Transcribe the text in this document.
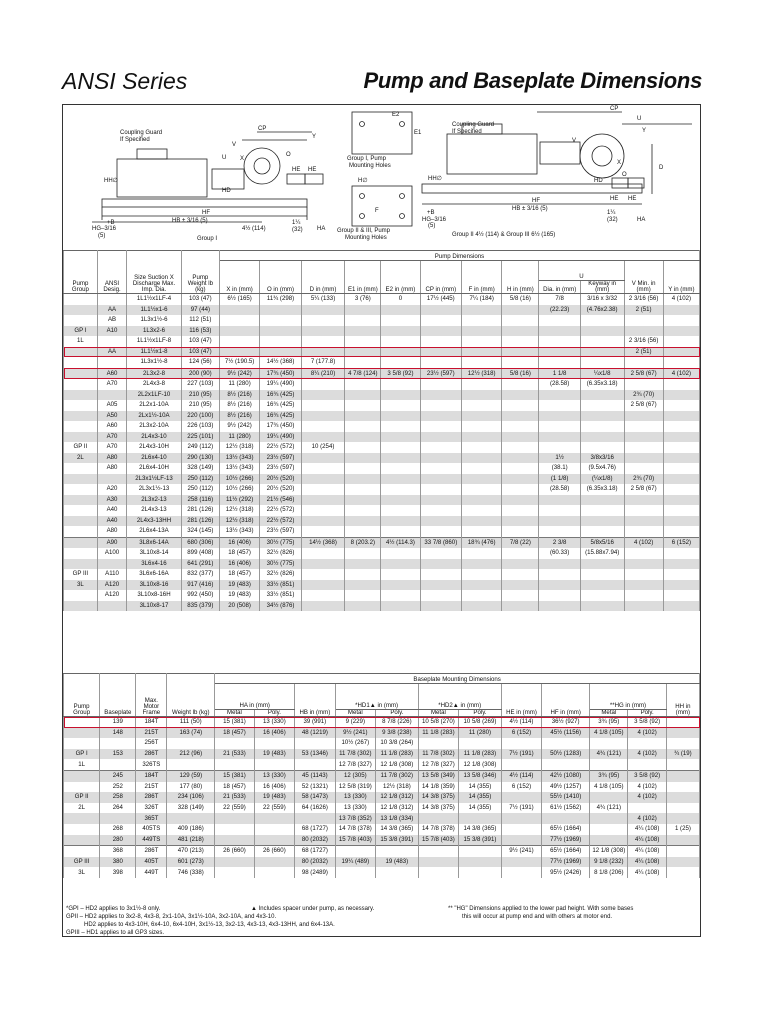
ANSI Series	Pump and Baseplate Dimensions
Coupling Guard
If Specified
CP
Y
V
U X
O
HH∅
HD
HE HE
HF
HB ± 3/16 (5)
+B
HG–3/16
(5)
4½ (114)
1¼
(32) HA
Group I
Group I, Pump
Mounting Holes
H∅
E2
E1
F
Group II & III, Pump
Mounting Holes
Coupling Guard
If Specified
CP
U
Y
V
X
O
D
HD
HH∅
HE HE
HF
HB ± 3/16 (5)
+B
HG–3/16
(5)
1¼
(32)	HA
Group II 4½ (114) & Group III 6½ (165)
Pump Group	ANSI Desig.	Size Suction X Discharge Max. Imp. Dia.	Pump Weight lb (kg)	Pump Dimensions											
				X in (mm)	O in (mm)	D in (mm)	E1 in (mm)	E2 in (mm)	CP in (mm)	F in (mm)	H in (mm)	U		V Min. in (mm)	Y in (mm)
												Dia. in (mm)	Keyway in (mm)		
		1L1½x1LF-4	103 (47)	6½ (165)	11¾ (298)	5¼ (133)	3 (76)	0	17½ (445)	7¼ (184)	5/8 (16)	7/8	3/16 x 3/32	2 3/16 (56)	4 (102)
	AA	1L1½x1-6	97 (44)									(22.23)	(4.76x2.38)	2 (51)	
	AB	1L3x1½-6	112 (51)												
GP I	A10	1L3x2-6	116 (53)												
1L		1L1½x1LF-8	103 (47)											2 3/16 (56)	
	AA	1L1½x1-8	103 (47)											2 (51)	
		1L3x1½-8	124 (56)	7½ (190.5)	14½ (368)	7 (177.8)									
	A60	2L3x2-8	200 (90)	9½ (242)	17¾ (450)	8¼ (210)	4 7/8 (124)	3 5/8 (92)	23½ (597)	12½ (318)	5/8 (16)	1 1/8	¼x1/8	2 5/8 (67)	4 (102)
	A70	2L4x3-8	227 (103)	11 (280)	19¼ (490)							(28.58)	(6.35x3.18)		
		2L2x1LF-10	210 (95)	8½ (216)	16¾ (425)									2¾ (70)	
	A05	2L2x1-10A	210 (95)	8½ (216)	16¾ (425)									2 5/8 (67)	
	A50	2Lx1½-10A	220 (100)	8½ (216)	16¾ (425)										
	A60	2L3x2-10A	226 (103)	9½ (242)	17¾ (450)										
	A70	2L4x3-10	225 (101)	11 (280)	19¼ (490)										
GP II	A70	2L4x3-10H	249 (112)	12½ (318)	22½ (572)	10 (254)									
2L	A80	2L6x4-10	290 (130)	13½ (343)	23½ (597)							1½	3/8x3/16		
	A80	2L6x4-10H	328 (149)	13½ (343)	23½ (597)							(38.1)	(9.5x4.76)		
		2L3x1½LF-13	250 (112)	10½ (266)	20½ (520)							(1 1/8)	(¼x1/8)	2¾ (70)	
	A20	2L3x1½-13	250 (112)	10½ (266)	20½ (520)							(28.58)	(6.35x3.18)	2 5/8 (67)	
	A30	2L3x2-13	258 (116)	11½ (292)	21½ (546)										
	A40	2L4x3-13	281 (126)	12½ (318)	22½ (572)										
	A40	2L4x3-13HH	281 (126)	12½ (318)	22½ (572)										
	A80	2L6x4-13A	324 (145)	13½ (343)	23½ (597)										
	A90	3L8x6-14A	680 (306)	16 (406)	30½ (775)	14½ (368)	8 (203.2)	4½ (114.3)	33 7/8 (860)	18¾ (476)	7/8 (22)	2 3/8	5/8x5/16	4 (102)	6 (152)
	A100	3L10x8-14	899 (408)	18 (457)	32½ (826)							(60.33)	(15.88x7.94)		
		3L6x4-16	641 (291)	16 (406)	30½ (775)										
GP III	A110	3L6x6-16A	832 (377)	18 (457)	32½ (826)										
3L	A120	3L10x8-16	917 (416)	19 (483)	33½ (851)										
	A120	3L10x8-16H	992 (450)	19 (483)	33½ (851)										
		3L10x8-17	835 (379)	20 (508)	34½ (876)										
Pump Group	Baseplate	Max. Motor Frame	Weight lb (kg)	Baseplate Mounting Dimensions											
				HA in (mm)		HB in (mm)	*HD1▲ in (mm)		*HD2▲ in (mm)		HE in (mm)	HF in (mm)	**HG in (mm)		HH in (mm)
				Metal	Poly.		Metal	Poly.	Metal	Poly.			Metal	Poly.	
	139	184T	111 (50)	15 (381)	13 (330)	39 (991)	9 (229)	8 7/8 (226)	10 5/8 (270)	10 5/8 (269)	4½ (114)	36½ (927)	3¾ (95)	3 5/8 (92)	
	148	215T	163 (74)	18 (457)	16 (406)	48 (1219)	9½ (241)	9 3/8 (238)	11 1/8 (283)	11 (280)	6 (152)	45½ (1156)	4 1/8 (105)	4 (102)	
		256T					10½ (267)	10 3/8 (264)							
GP I	153	286T	212 (96)	21 (533)	19 (483)	53 (1346)	11 7/8 (302)	11 1/8 (283)	11 7/8 (302)	11 1/8 (283)	7½ (191)	50½ (1283)	4¾ (121)	4 (102)	¾ (19)
1L		326TS					12 7/8 (327)	12 1/8 (308)	12 7/8 (327)	12 1/8 (308)					
	245	184T	129 (59)	15 (381)	13 (330)	45 (1143)	12 (305)	11 7/8 (302)	13 5/8 (349)	13 5/8 (346)	4½ (114)	42½ (1080)	3¾ (95)	3 5/8 (92)	
	252	215T	177 (80)	18 (457)	16 (406)	52 (1321)	12 5/8 (319)	12½ (318)	14 1/8 (359)	14 (355)	6 (152)	49½ (1257)	4 1/8 (105)	4 (102)	
GP II	258	286T	234 (106)	21 (533)	19 (483)	58 (1473)	13 (330)	12 1/8 (312)	14 3/8 (375)	14 (355)		55½ (1410)		4 (102)	
2L	264	326T	328 (149)	22 (559)	22 (559)	64 (1626)	13 (330)	12 1/8 (312)	14 3/8 (375)	14 (355)	7½ (191)	61½ (1562)	4¾ (121)		
		365T					13 7/8 (352)	13 1/8 (334)						4 (102)	
	268	405TS	409 (186)			68 (1727)	14 7/8 (378)	14 3/8 (365)	14 7/8 (378)	14 3/8 (365)		65½ (1664)		4¼ (108)	1 (25)
	280	449TS	481 (218)			80 (2032)	15 7/8 (403)	15 3/8 (391)	15 7/8 (403)	15 3/8 (391)		77½ (1969)		4¼ (108)	
	368	286T	470 (213)	26 (660)	26 (660)	68 (1727)					9½ (241)	65½ (1664)	12 1/8 (308)	4¼ (108)	
GP III	380	405T	601 (273)			80 (2032)	19¼ (489)	19 (483)				77½ (1969)	9 1/8 (232)	4¼ (108)	
3L	398	449T	746 (338)			98 (2489)						95½ (2426)	8 1/8 (206)	4¼ (108)	
*GPI – HD2 applies to 3x1½-8 only.
GPII – HD2 applies to 3x2-8, 4x3-8, 2x1-10A, 3x1½-10A, 3x2-10A, and 4x3-10.
HD2 applies to 4x3-10H, 6x4-10, 6x4-10H, 3x1½-13, 3x2-13, 4x3-13, 4x3-13HH, and 6x4-13A.
GPIII – HD1 applies to all GP3 sizes.
▲ Includes spacer under pump, as necessary.	** "HG" Dimensions applied to the lower pad height. With some bases
this will occur at pump end and with others at motor end.
